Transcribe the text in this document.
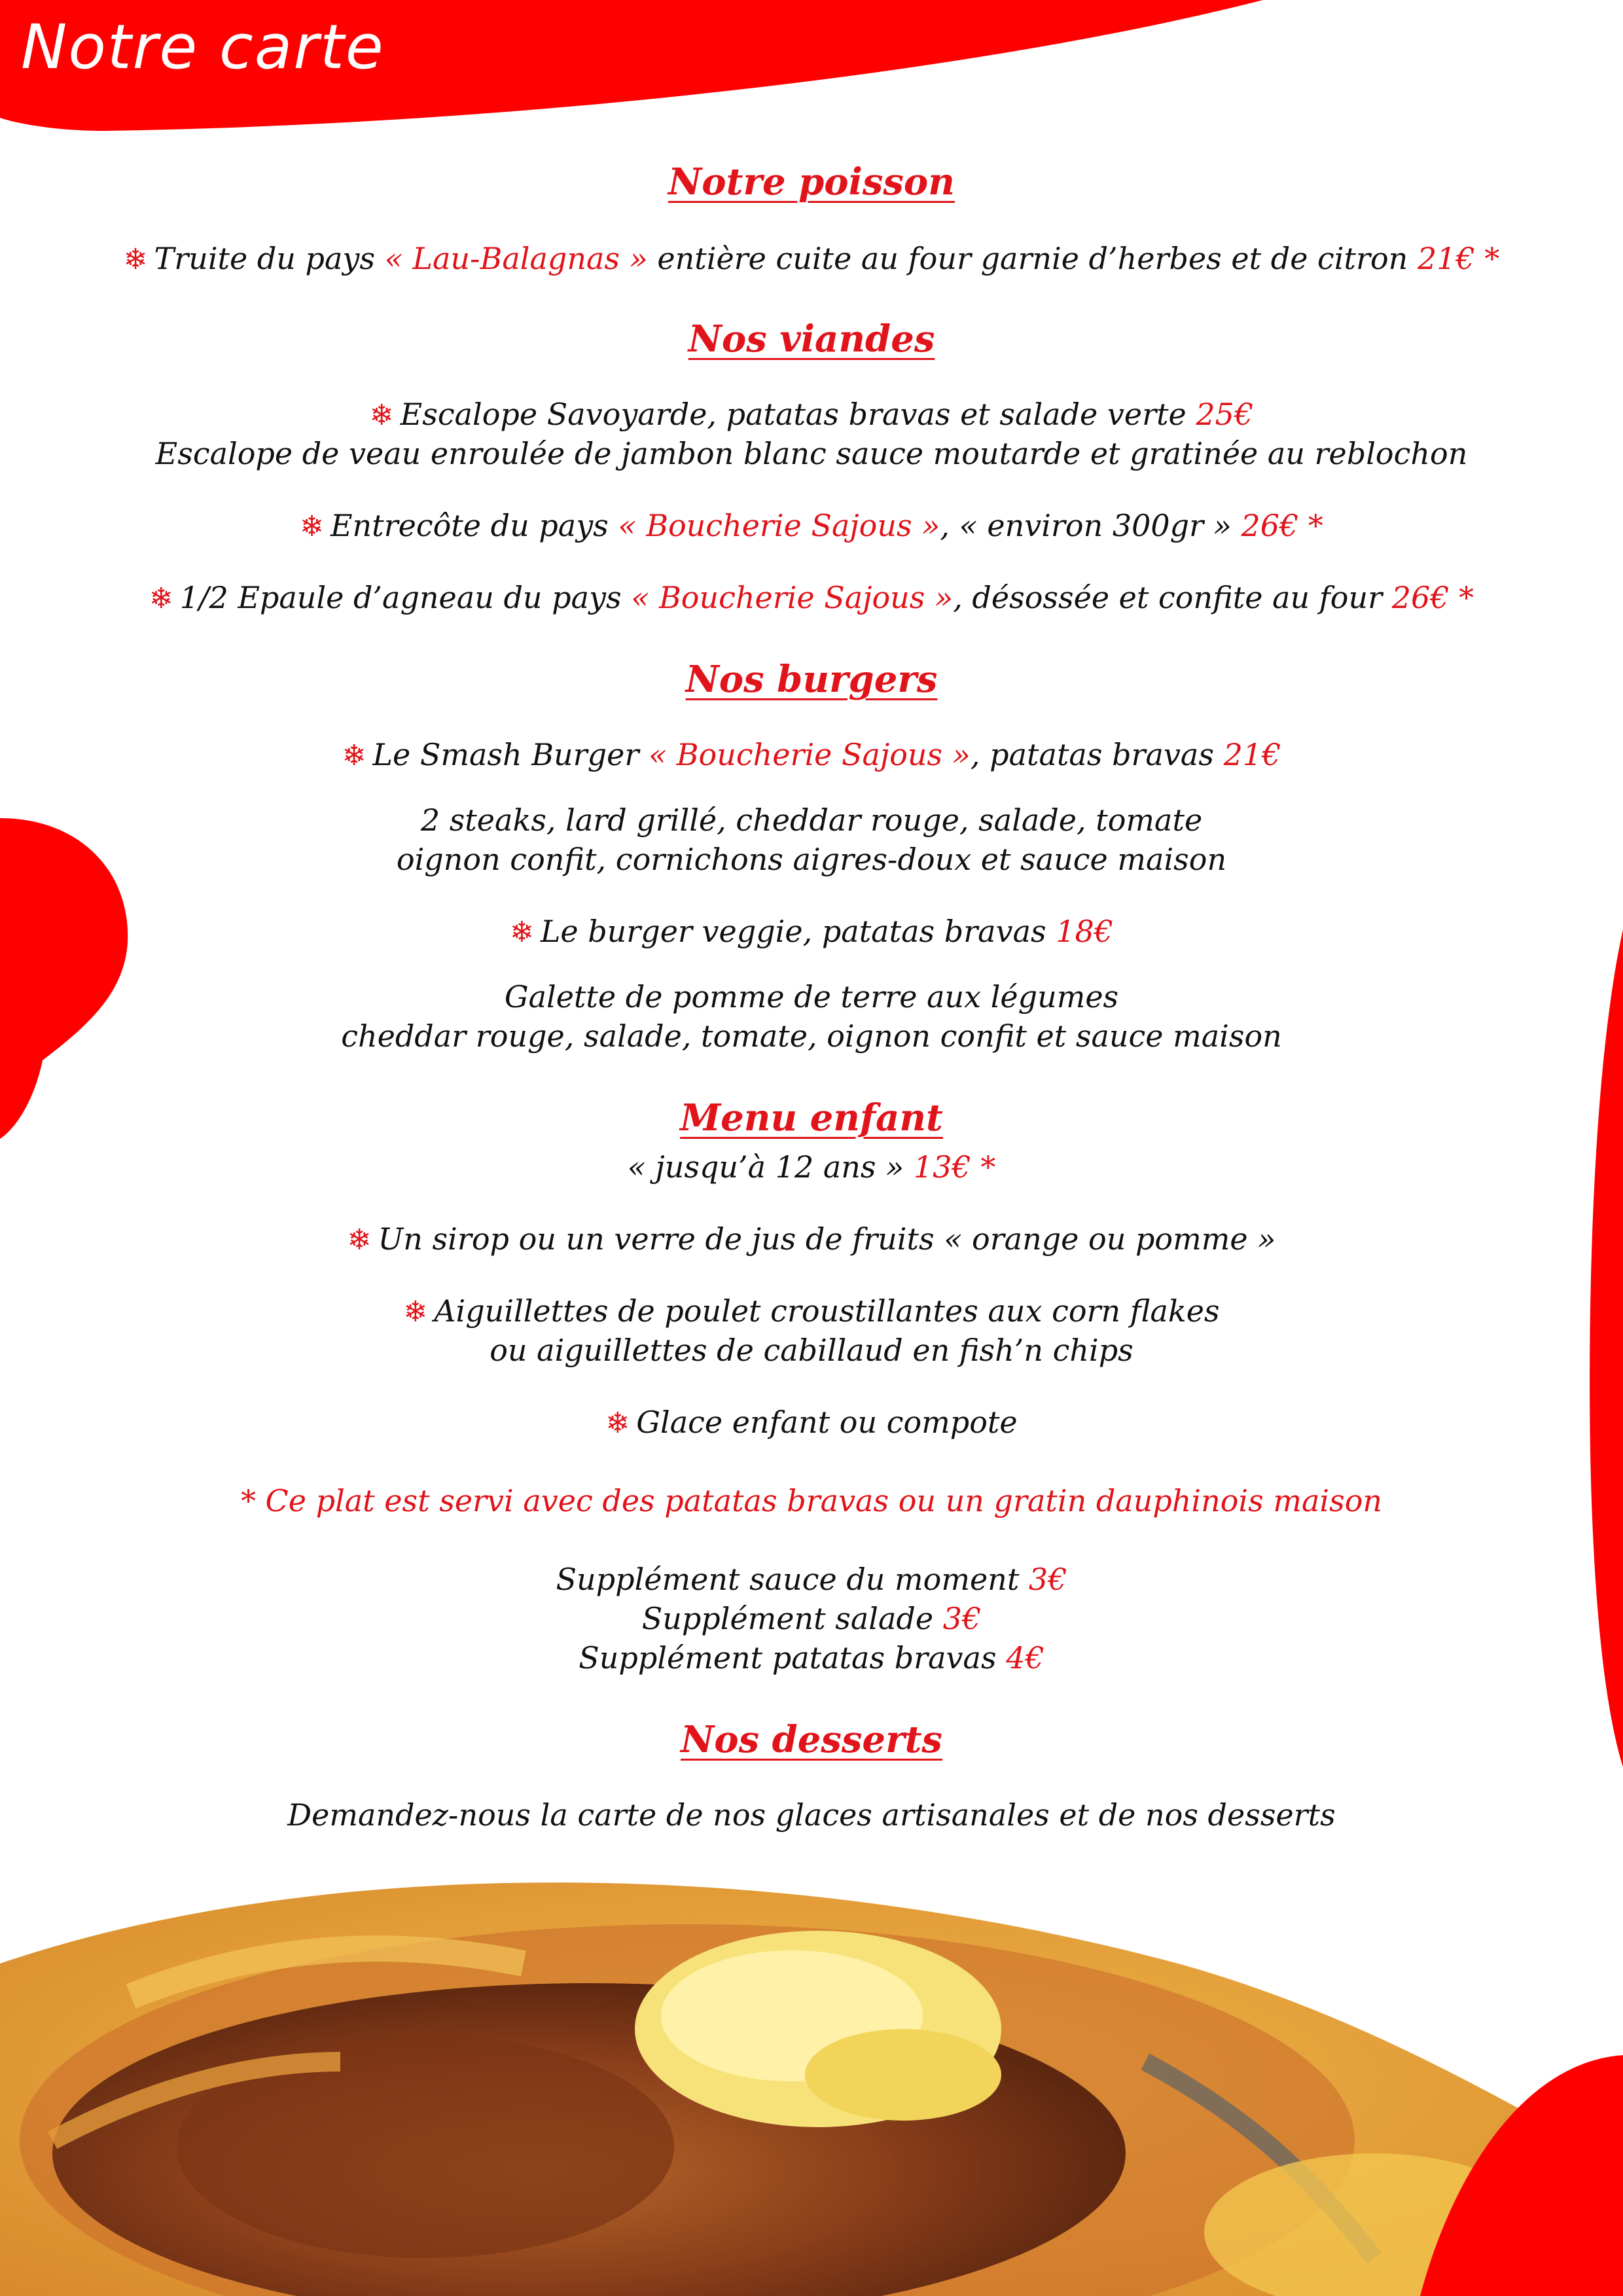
Notre carte
Notre poisson

❄ Truite du pays « Lau-Balagnas » entière cuite au four garnie d’herbes et de citron 21€ *

Nos viandes

❄ Escalope Savoyarde, patatas bravas et salade verte 25€

Escalope de veau enroulée de jambon blanc sauce moutarde et gratinée au reblochon

❄ Entrecôte du pays « Boucherie Sajous », « environ 300gr » 26€ *

❄ 1/2 Epaule d’agneau du pays « Boucherie Sajous », désossée et confite au four 26€ *

Nos burgers

❄ Le Smash Burger « Boucherie Sajous », patatas bravas 21€

2 steaks, lard grillé, cheddar rouge, salade, tomate

oignon confit, cornichons aigres-doux et sauce maison

❄ Le burger veggie, patatas bravas 18€

Galette de pomme de terre aux légumes

cheddar rouge, salade, tomate, oignon confit et sauce maison

Menu enfant

« jusqu’à 12 ans » 13€ *

❄ Un sirop ou un verre de jus de fruits « orange ou pomme »

❄ Aiguillettes de poulet croustillantes aux corn flakes

ou aiguillettes de cabillaud en fish’n chips

❄ Glace enfant ou compote

* Ce plat est servi avec des patatas bravas ou un gratin dauphinois maison

Supplément sauce du moment 3€

Supplément salade 3€

Supplément patatas bravas 4€

Nos desserts

Demandez-nous la carte de nos glaces artisanales et de nos desserts
